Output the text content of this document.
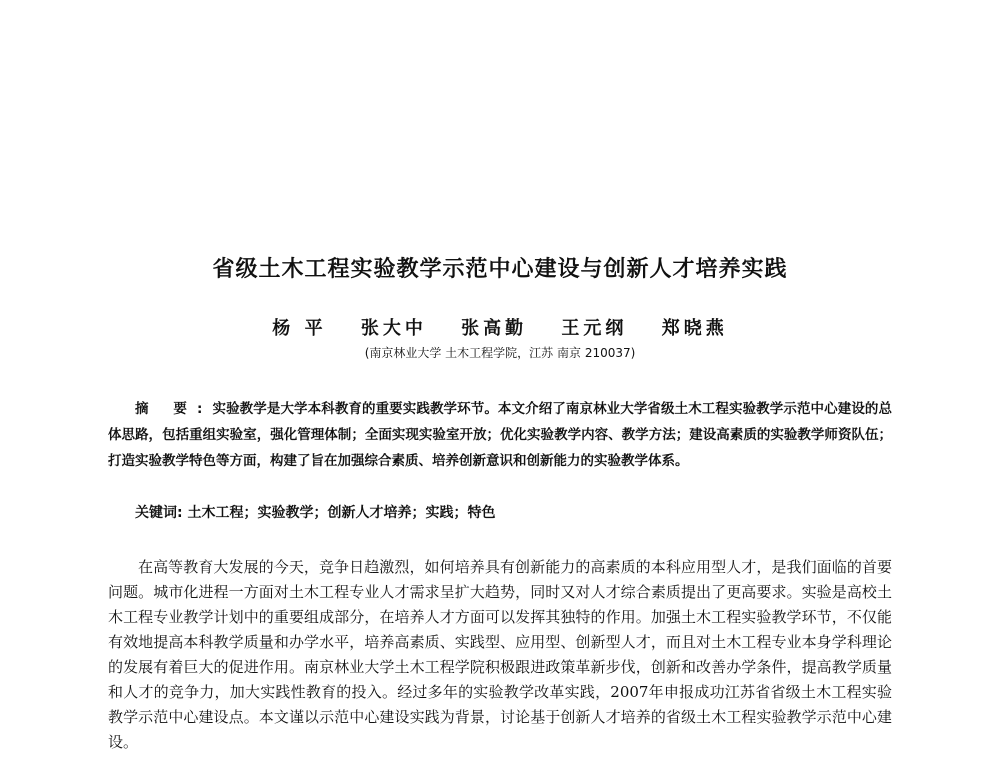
省级土木工程实验教学示范中心建设与创新人才培养实践
杨 平 张大中 张高勤 王元纲 郑晓燕
(南京林业大学 土木工程学院，江苏 南京 210037)
摘 要:实验教学是大学本科教育的重要实践教学环节。本文介绍了南京林业大学省级土木工程实验教学示范中心建设的总体思路，包括重组实验室，强化管理体制；全面实现实验室开放；优化实验教学内容、教学方法；建设高素质的实验教学师资队伍；打造实验教学特色等方面，构建了旨在加强综合素质、培养创新意识和创新能力的实验教学体系。
关键词: 土木工程；实验教学；创新人才培养；实践；特色
在高等教育大发展的今天，竞争日趋激烈，如何培养具有创新能力的高素质的本科应用型人才，是我们面临的首要问题。城市化进程一方面对土木工程专业人才需求呈扩大趋势，同时又对人才综合素质提出了更高要求。实验是高校土木工程专业教学计划中的重要组成部分，在培养人才方面可以发挥其独特的作用。加强土木工程实验教学环节，不仅能有效地提高本科教学质量和办学水平，培养高素质、实践型、应用型、创新型人才，而且对土木工程专业本身学科理论的发展有着巨大的促进作用。南京林业大学土木工程学院积极跟进政策革新步伐，创新和改善办学条件，提高教学质量和人才的竞争力，加大实践性教育的投入。经过多年的实验教学改革实践，2007年申报成功江苏省省级土木工程实验教学示范中心建设点。本文谨以示范中心建设实践为背景，讨论基于创新人才培养的省级土木工程实验教学示范中心建设。
